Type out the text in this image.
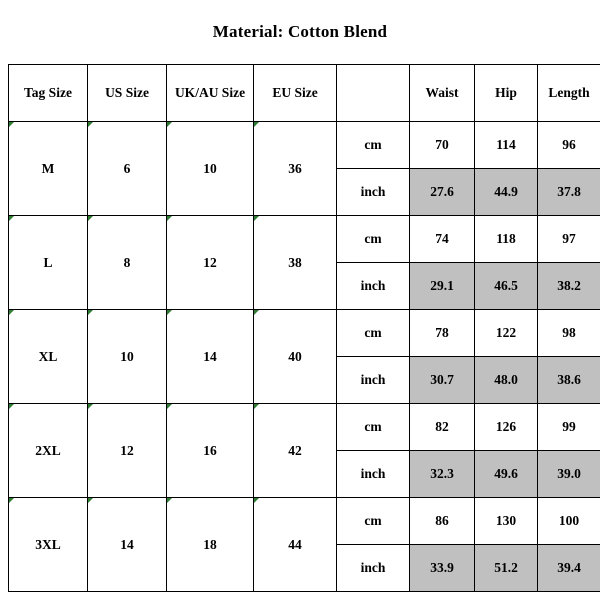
Material: Cotton Blend
Tag Size	US Size	UK/AU Size	EU Size		Waist	Hip	Length
M	6	10	36	cm	70	114	96
				inch	27.6	44.9	37.8
L	8	12	38	cm	74	118	97
				inch	29.1	46.5	38.2
XL	10	14	40	cm	78	122	98
				inch	30.7	48.0	38.6
2XL	12	16	42	cm	82	126	99
				inch	32.3	49.6	39.0
3XL	14	18	44	cm	86	130	100
				inch	33.9	51.2	39.4
